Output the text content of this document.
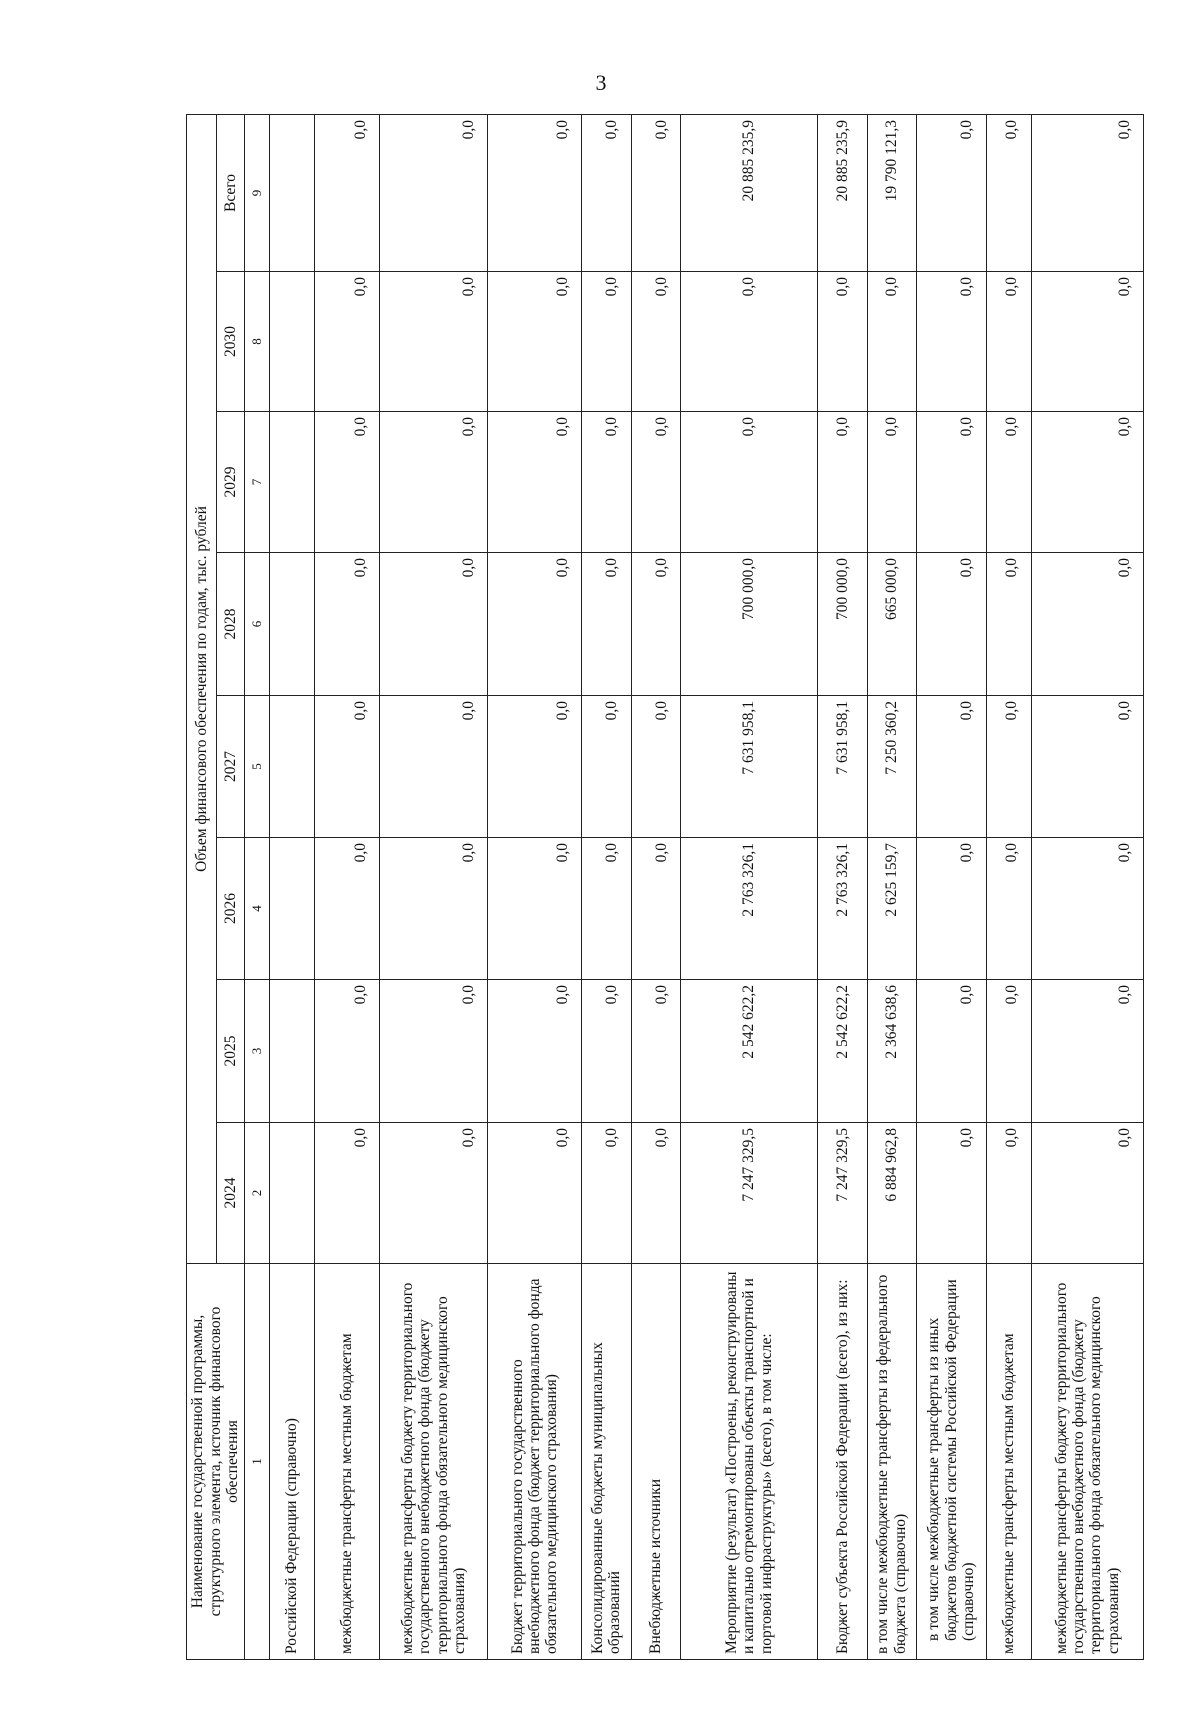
3
Наименование государственной программы, структурного элемента, источник финансового обеспечения	Объем финансового обеспечения по годам, тыс. рублей							
	2024	2025	2026	2027	2028	2029	2030	Всего
1	2	3	4	5	6	7	8	9
Российской Федерации (справочно)								
межбюджетные трансферты местным бюджетам	0,0	0,0	0,0	0,0	0,0	0,0	0,0	0,0
межбюджетные трансферты бюджету территориального государственного внебюджетного фонда (бюджету территориального фонда обязательного медицинского страхования)	0,0	0,0	0,0	0,0	0,0	0,0	0,0	0,0
Бюджет территориального государственного внебюджетного фонда (бюджет территориального фонда обязательного медицинского страхования)	0,0	0,0	0,0	0,0	0,0	0,0	0,0	0,0
Консолидированные бюджеты муниципальных образований	0,0	0,0	0,0	0,0	0,0	0,0	0,0	0,0
Внебюджетные источники	0,0	0,0	0,0	0,0	0,0	0,0	0,0	0,0
Мероприятие (результат) «Построены, реконструированы и капитально отремонтированы объекты транспортной и портовой инфраструктуры» (всего), в том числе:	7 247 329,5	2 542 622,2	2 763 326,1	7 631 958,1	700 000,0	0,0	0,0	20 885 235,9
Бюджет субъекта Российской Федерации (всего), из них:	7 247 329,5	2 542 622,2	2 763 326,1	7 631 958,1	700 000,0	0,0	0,0	20 885 235,9
в том числе межбюджетные трансферты из федерального бюджета (справочно)	6 884 962,8	2 364 638,6	2 625 159,7	7 250 360,2	665 000,0	0,0	0,0	19 790 121,3
в том числе межбюджетные трансферты из иных бюджетов бюджетной системы Российской Федерации (справочно)	0,0	0,0	0,0	0,0	0,0	0,0	0,0	0,0
межбюджетные трансферты местным бюджетам	0,0	0,0	0,0	0,0	0,0	0,0	0,0	0,0
межбюджетные трансферты бюджету территориального государственного внебюджетного фонда (бюджету территориального фонда обязательного медицинского страхования)	0,0	0,0	0,0	0,0	0,0	0,0	0,0	0,0
